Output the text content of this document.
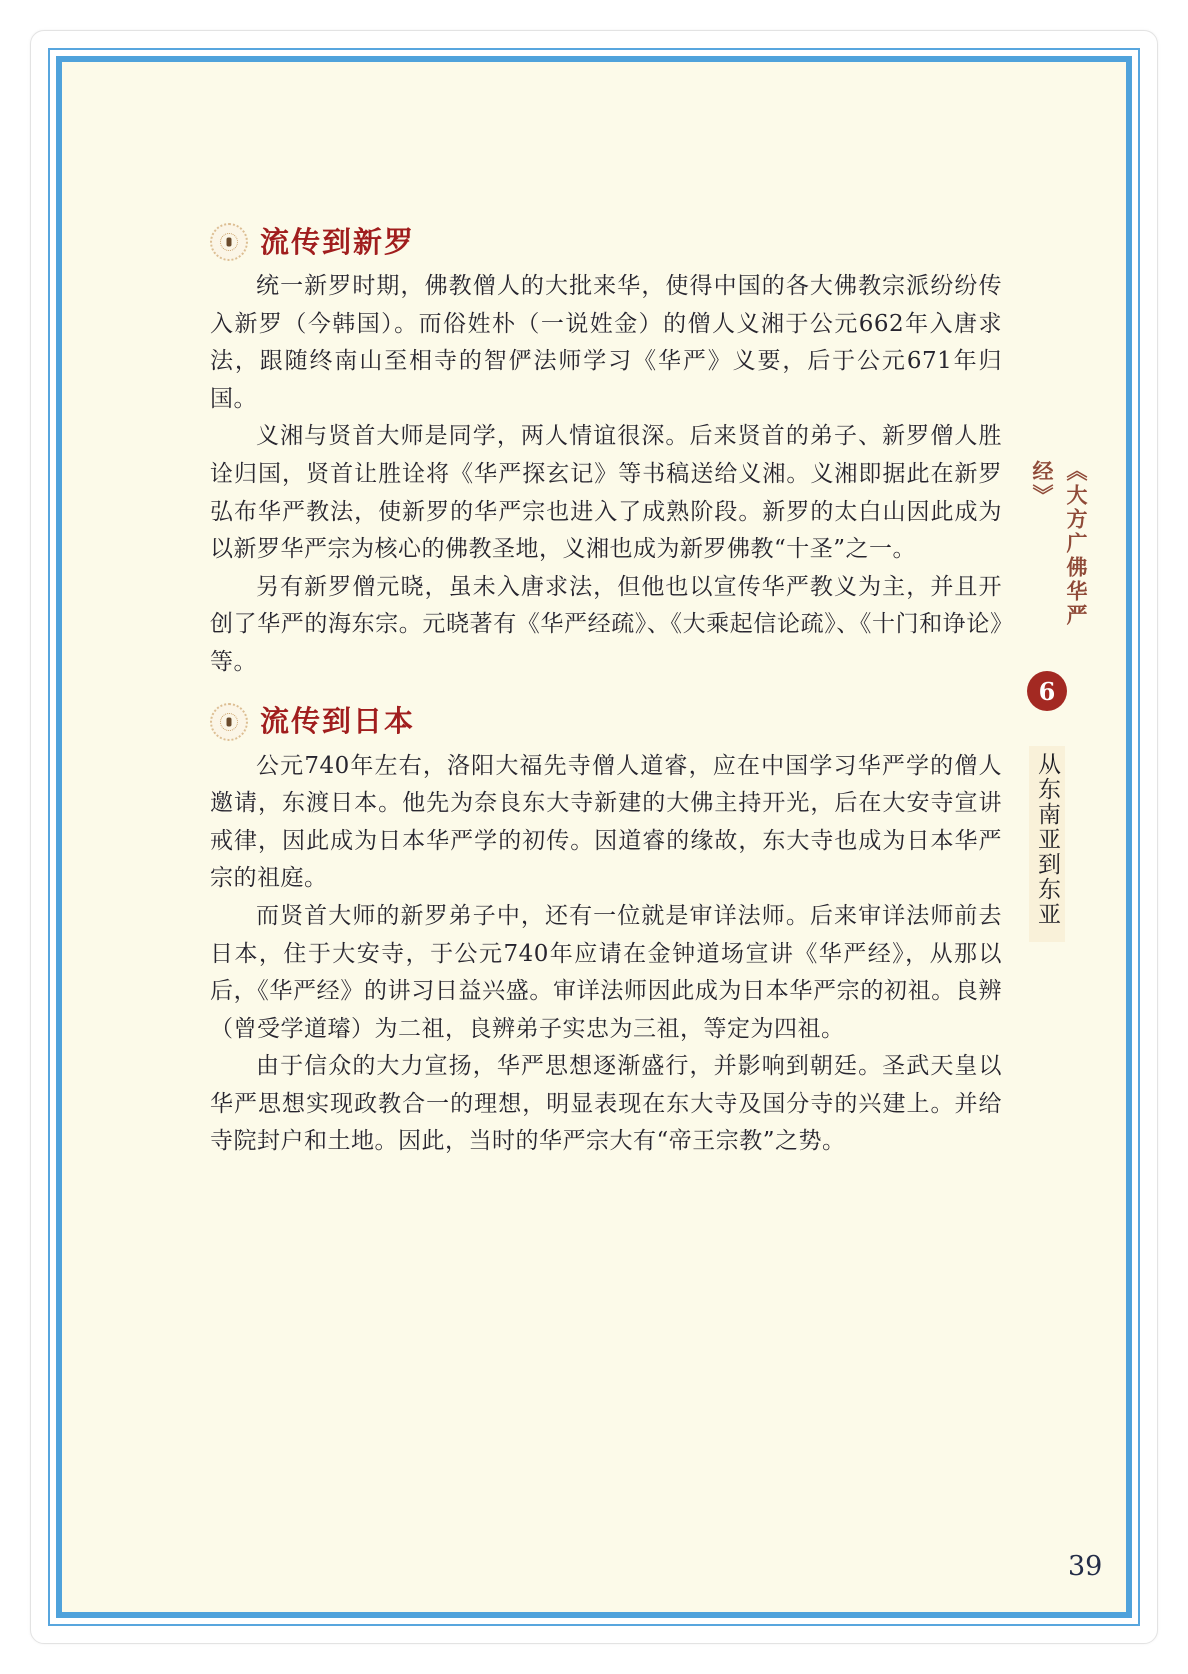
流传到新罗

统一新罗时期，佛教僧人的大批来华，使得中国的各大佛教宗派纷纷传入新罗（今韩国）。而俗姓朴（一说姓金）的僧人义湘于公元662年入唐求法，跟随终南山至相寺的智俨法师学习《华严》义要，后于公元671年归国。

义湘与贤首大师是同学，两人情谊很深。后来贤首的弟子、新罗僧人胜诠归国，贤首让胜诠将《华严探玄记》等书稿送给义湘。义湘即据此在新罗弘布华严教法，使新罗的华严宗也进入了成熟阶段。新罗的太白山因此成为以新罗华严宗为核心的佛教圣地，义湘也成为新罗佛教“十圣”之一。

另有新罗僧元晓，虽未入唐求法，但他也以宣传华严教义为主，并且开创了华严的海东宗。元晓著有《华严经疏》、《大乘起信论疏》、《十门和诤论》等。

流传到日本

公元740年左右，洛阳大福先寺僧人道睿，应在中国学习华严学的僧人邀请，东渡日本。他先为奈良东大寺新建的大佛主持开光，后在大安寺宣讲戒律，因此成为日本华严学的初传。因道睿的缘故，东大寺也成为日本华严宗的祖庭。

而贤首大师的新罗弟子中，还有一位就是审详法师。后来审详法师前去日本，住于大安寺，于公元740年应请在金钟道场宣讲《华严经》，从那以后，《华严经》的讲习日益兴盛。审详法师因此成为日本华严宗的初祖。良辨（曾受学道璿）为二祖，良辨弟子实忠为三祖，等定为四祖。

由于信众的大力宣扬，华严思想逐渐盛行，并影响到朝廷。圣武天皇以华严思想实现政教合一的理想，明显表现在东大寺及国分寺的兴建上。并给寺院封户和土地。因此，当时的华严宗大有“帝王宗教”之势。

《大方广佛华严经》
6
从东南亚到东亚
39
